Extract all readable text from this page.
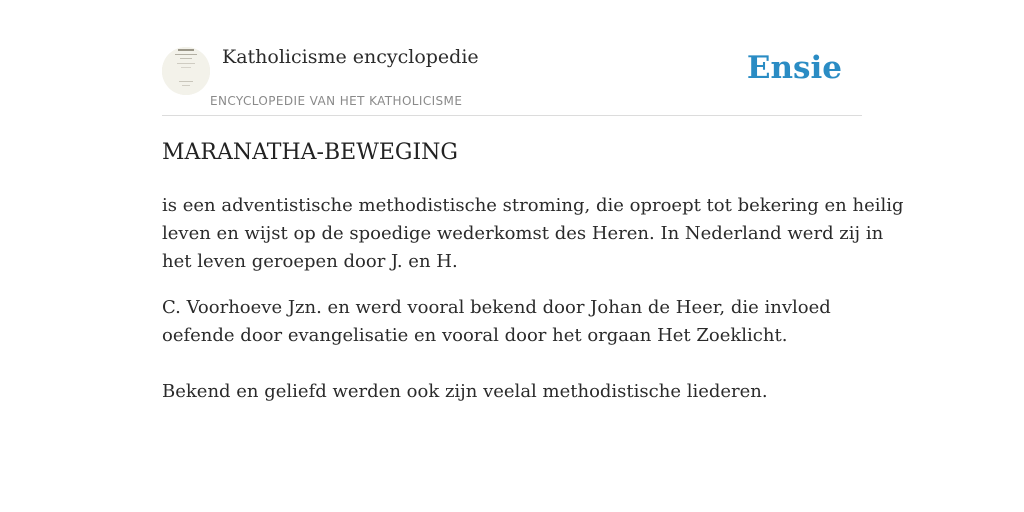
Katholicisme encyclopedie
ENCYCLOPEDIE VAN HET KATHOLICISME
Ensie
MARANATHA-BEWEGING

is een adventistische methodistische stroming, die oproept tot bekering en heilig
leven en wijst op de spoedige wederkomst des Heren. In Nederland werd zij in
het leven geroepen door J. en H.

C. Voorhoeve Jzn. en werd vooral bekend door Johan de Heer, die invloed
oefende door evangelisatie en vooral door het orgaan Het Zoeklicht.

Bekend en geliefd werden ook zijn veelal methodistische liederen.
